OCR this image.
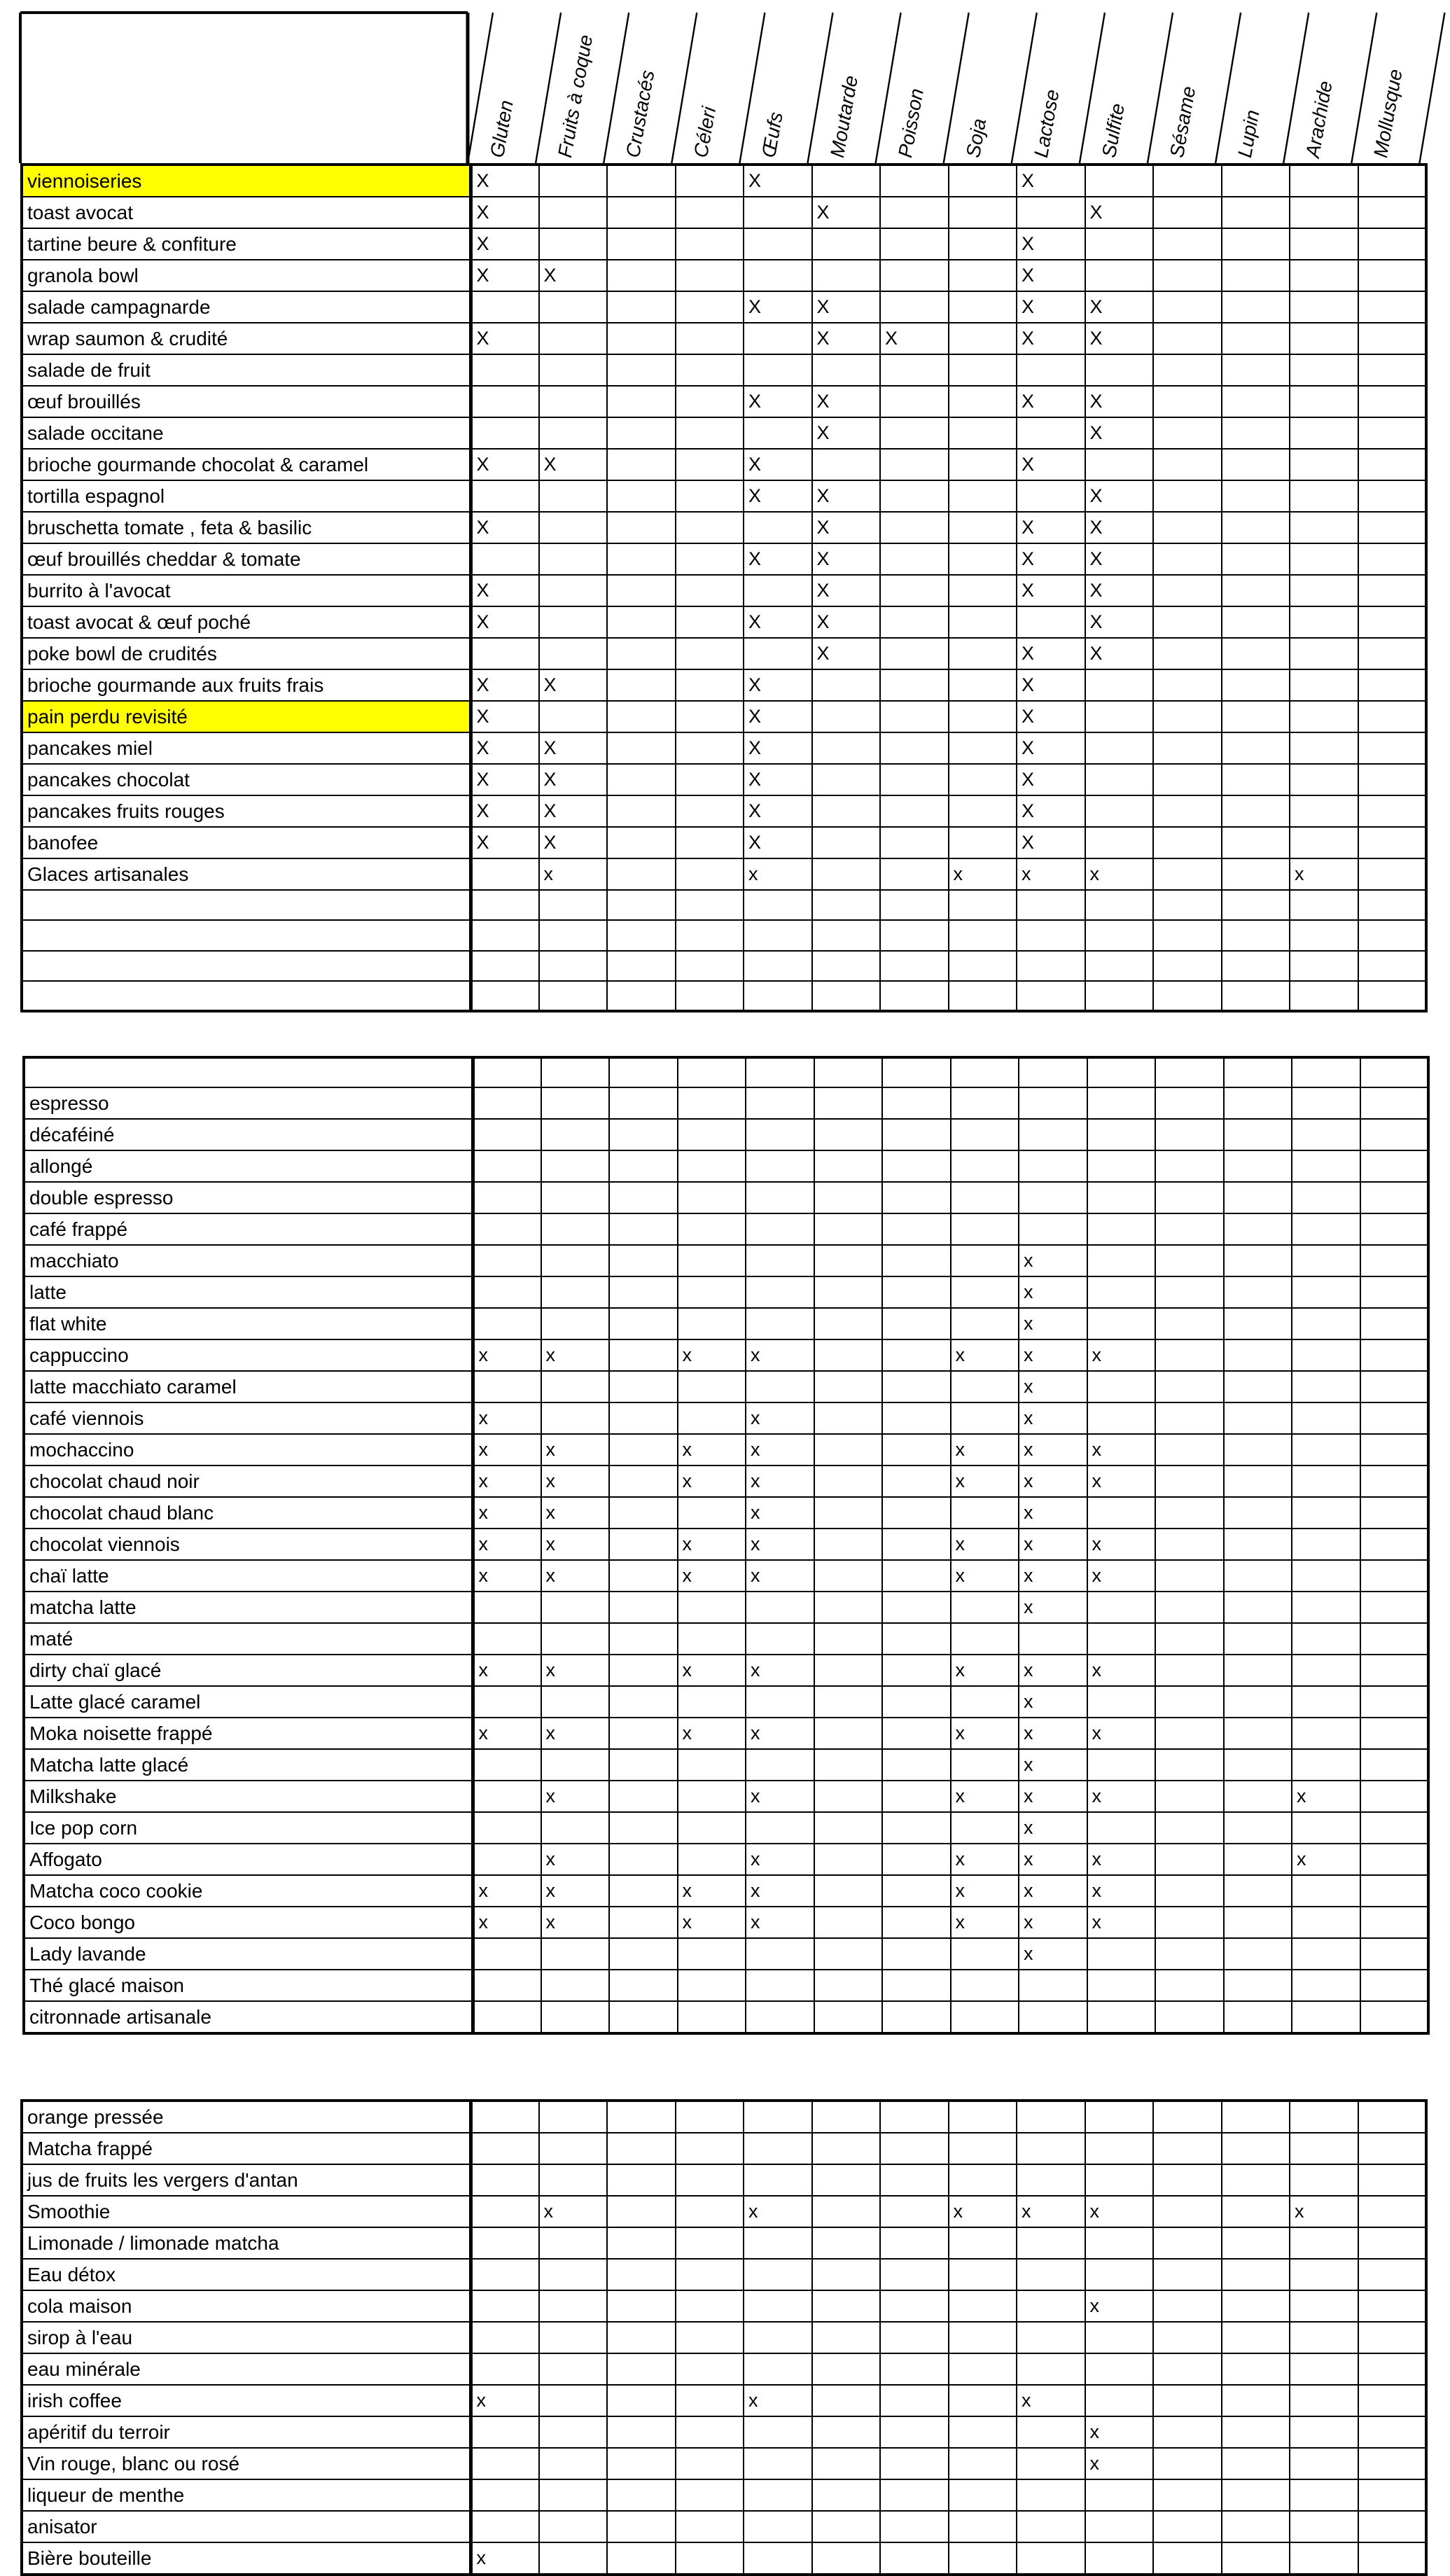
Gluten Fruits à coque Crustacés Céleri Œufs Moutarde Poisson Soja Lactose Sulfite Sésame Lupin Arachide Mollusque
viennoiseries	X				X				X					
toast avocat	X					X				X				
tartine beure & confiture	X								X					
granola bowl	X	X							X					
salade campagnarde					X	X			X	X				
wrap saumon & crudité	X					X	X		X	X				
salade de fruit														
œuf brouillés					X	X			X	X				
salade occitane						X				X				
brioche gourmande chocolat & caramel	X	X			X				X					
tortilla espagnol					X	X				X				
bruschetta tomate , feta & basilic	X					X			X	X				
œuf brouillés cheddar & tomate					X	X			X	X				
burrito à l'avocat	X					X			X	X				
toast avocat & œuf poché	X				X	X				X				
poke bowl de crudités						X			X	X				
brioche gourmande aux fruits frais	X	X			X				X					
pain perdu revisité	X				X				X					
pancakes miel	X	X			X				X					
pancakes chocolat	X	X			X				X					
pancakes fruits rouges	X	X			X				X					
banofee	X	X			X				X					
Glaces artisanales		x			x			x	x	x			x	

espresso														
décaféiné														
allongé														
double espresso														
café frappé														
macchiato									x					
latte									x					
flat white									x					
cappuccino	x	x		x	x			x	x	x				
latte macchiato caramel									x					
café viennois	x				x				x					
mochaccino	x	x		x	x			x	x	x				
chocolat chaud noir	x	x		x	x			x	x	x				
chocolat chaud blanc	x	x			x				x					
chocolat viennois	x	x		x	x			x	x	x				
chaï latte	x	x		x	x			x	x	x				
matcha latte									x					
maté														
dirty chaï glacé	x	x		x	x			x	x	x				
Latte glacé caramel									x					
Moka noisette frappé	x	x		x	x			x	x	x				
Matcha latte glacé									x					
Milkshake		x			x			x	x	x			x	
Ice pop corn									x					
Affogato		x			x			x	x	x			x	
Matcha coco cookie	x	x		x	x			x	x	x				
Coco bongo	x	x		x	x			x	x	x				
Lady lavande									x					
Thé glacé maison														
citronnade artisanale														
orange pressée														
Matcha frappé														
jus de fruits les vergers d'antan														
Smoothie		x			x			x	x	x			x	
Limonade / limonade matcha														
Eau détox														
cola maison										x				
sirop à l'eau														
eau minérale														
irish coffee	x				x				x					
apéritif du terroir										x				
Vin rouge, blanc ou rosé										x				
liqueur de menthe														
anisator														
Bière bouteille	x													
